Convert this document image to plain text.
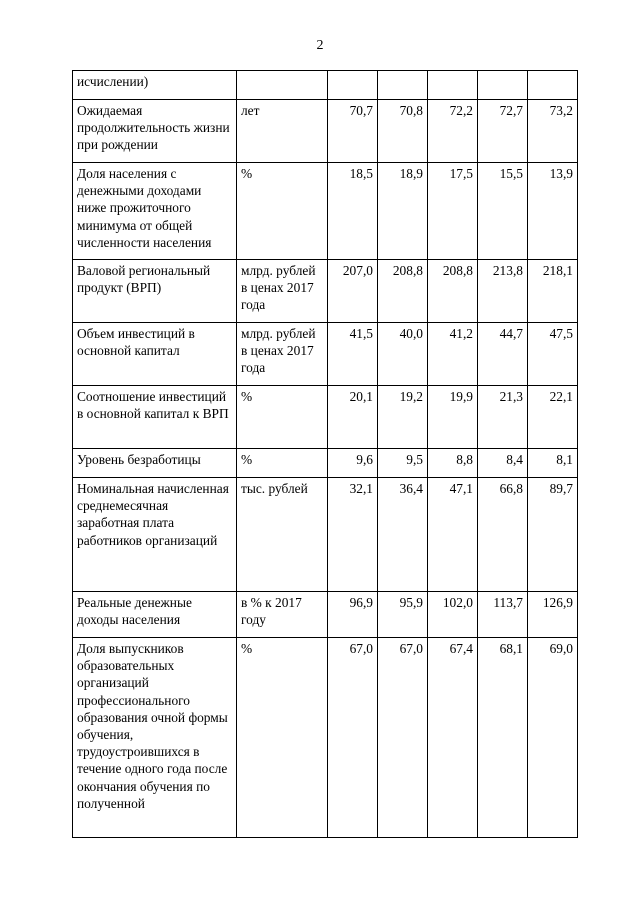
2
исчислении)						
Ожидаемая продолжительность жизни при рождении	лет	70,7	70,8	72,2	72,7	73,2
Доля населения с денежными доходами ниже прожиточного минимума от общей численности населения	%	18,5	18,9	17,5	15,5	13,9
Валовой региональный продукт (ВРП)	млрд. рублей в ценах 2017 года	207,0	208,8	208,8	213,8	218,1
Объем инвестиций в основной капитал	млрд. рублей в ценах 2017 года	41,5	40,0	41,2	44,7	47,5
Соотношение инвестиций в основной капитал к ВРП	%	20,1	19,2	19,9	21,3	22,1
Уровень безработицы	%	9,6	9,5	8,8	8,4	8,1
Номинальная начисленная среднемесячная заработная плата работников организаций	тыс. рублей	32,1	36,4	47,1	66,8	89,7
Реальные денежные доходы населения	в % к 2017 году	96,9	95,9	102,0	113,7	126,9
Доля выпускников образовательных организаций профессионального образования очной формы обучения, трудоустроившихся в течение одного года после окончания обучения по полученной	%	67,0	67,0	67,4	68,1	69,0
